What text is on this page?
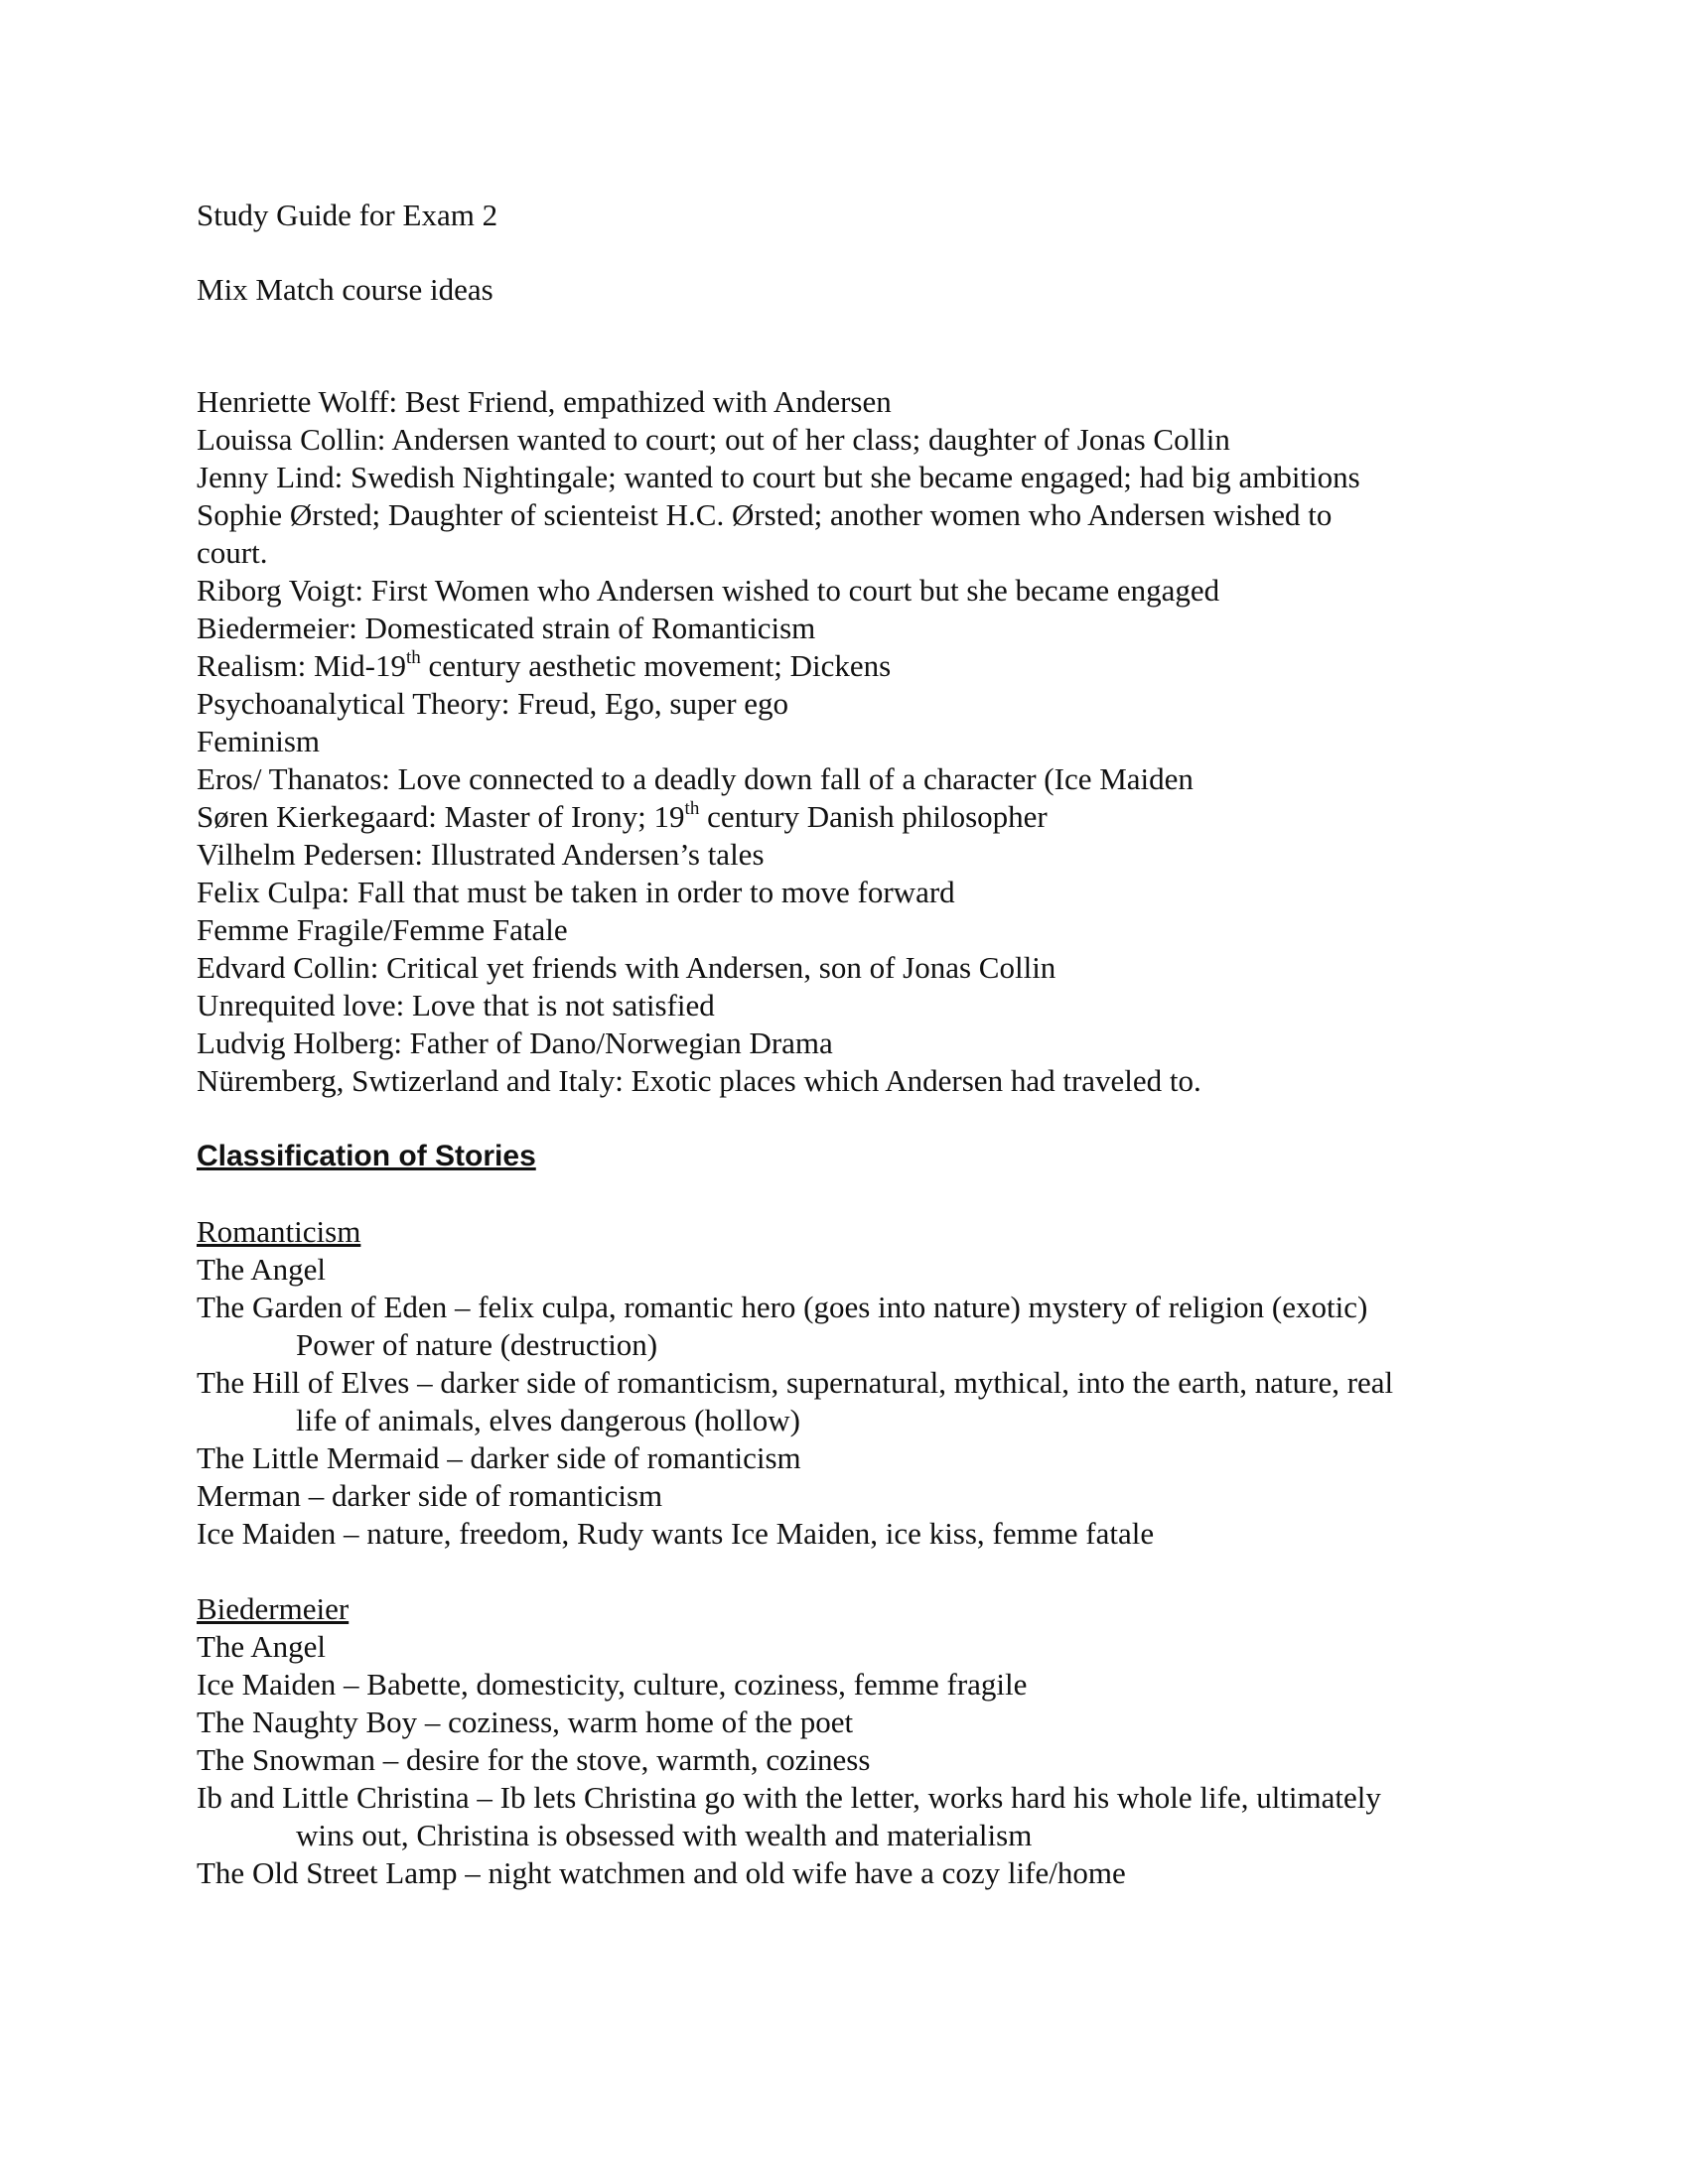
Study Guide for Exam 2
Mix Match course ideas
Henriette Wolff: Best Friend, empathized with Andersen
Louissa Collin: Andersen wanted to court; out of her class; daughter of Jonas Collin
Jenny Lind: Swedish Nightingale; wanted to court but she became engaged; had big ambitions
Sophie Ørsted; Daughter of scienteist H.C. Ørsted; another women who Andersen wished to
court.
Riborg Voigt: First Women who Andersen wished to court but she became engaged
Biedermeier: Domesticated strain of Romanticism
Realism: Mid-19th century aesthetic movement; Dickens
Psychoanalytical Theory: Freud, Ego, super ego
Feminism
Eros/ Thanatos: Love connected to a deadly down fall of a character (Ice Maiden
Søren Kierkegaard: Master of Irony; 19th century Danish philosopher
Vilhelm Pedersen: Illustrated Andersen’s tales
Felix Culpa: Fall that must be taken in order to move forward
Femme Fragile/Femme Fatale
Edvard Collin: Critical yet friends with Andersen, son of Jonas Collin
Unrequited love: Love that is not satisfied
Ludvig Holberg: Father of Dano/Norwegian Drama
Nüremberg, Swtizerland and Italy: Exotic places which Andersen had traveled to.
Classification of Stories
Romanticism
The Angel
The Garden of Eden – felix culpa, romantic hero (goes into nature) mystery of religion (exotic)
Power of nature (destruction)
The Hill of Elves – darker side of romanticism, supernatural, mythical, into the earth, nature, real
life of animals, elves dangerous (hollow)
The Little Mermaid – darker side of romanticism
Merman – darker side of romanticism
Ice Maiden – nature, freedom, Rudy wants Ice Maiden, ice kiss, femme fatale
Biedermeier
The Angel
Ice Maiden – Babette, domesticity, culture, coziness, femme fragile
The Naughty Boy – coziness, warm home of the poet
The Snowman – desire for the stove, warmth, coziness
Ib and Little Christina – Ib lets Christina go with the letter, works hard his whole life, ultimately
wins out, Christina is obsessed with wealth and materialism
The Old Street Lamp – night watchmen and old wife have a cozy life/home
